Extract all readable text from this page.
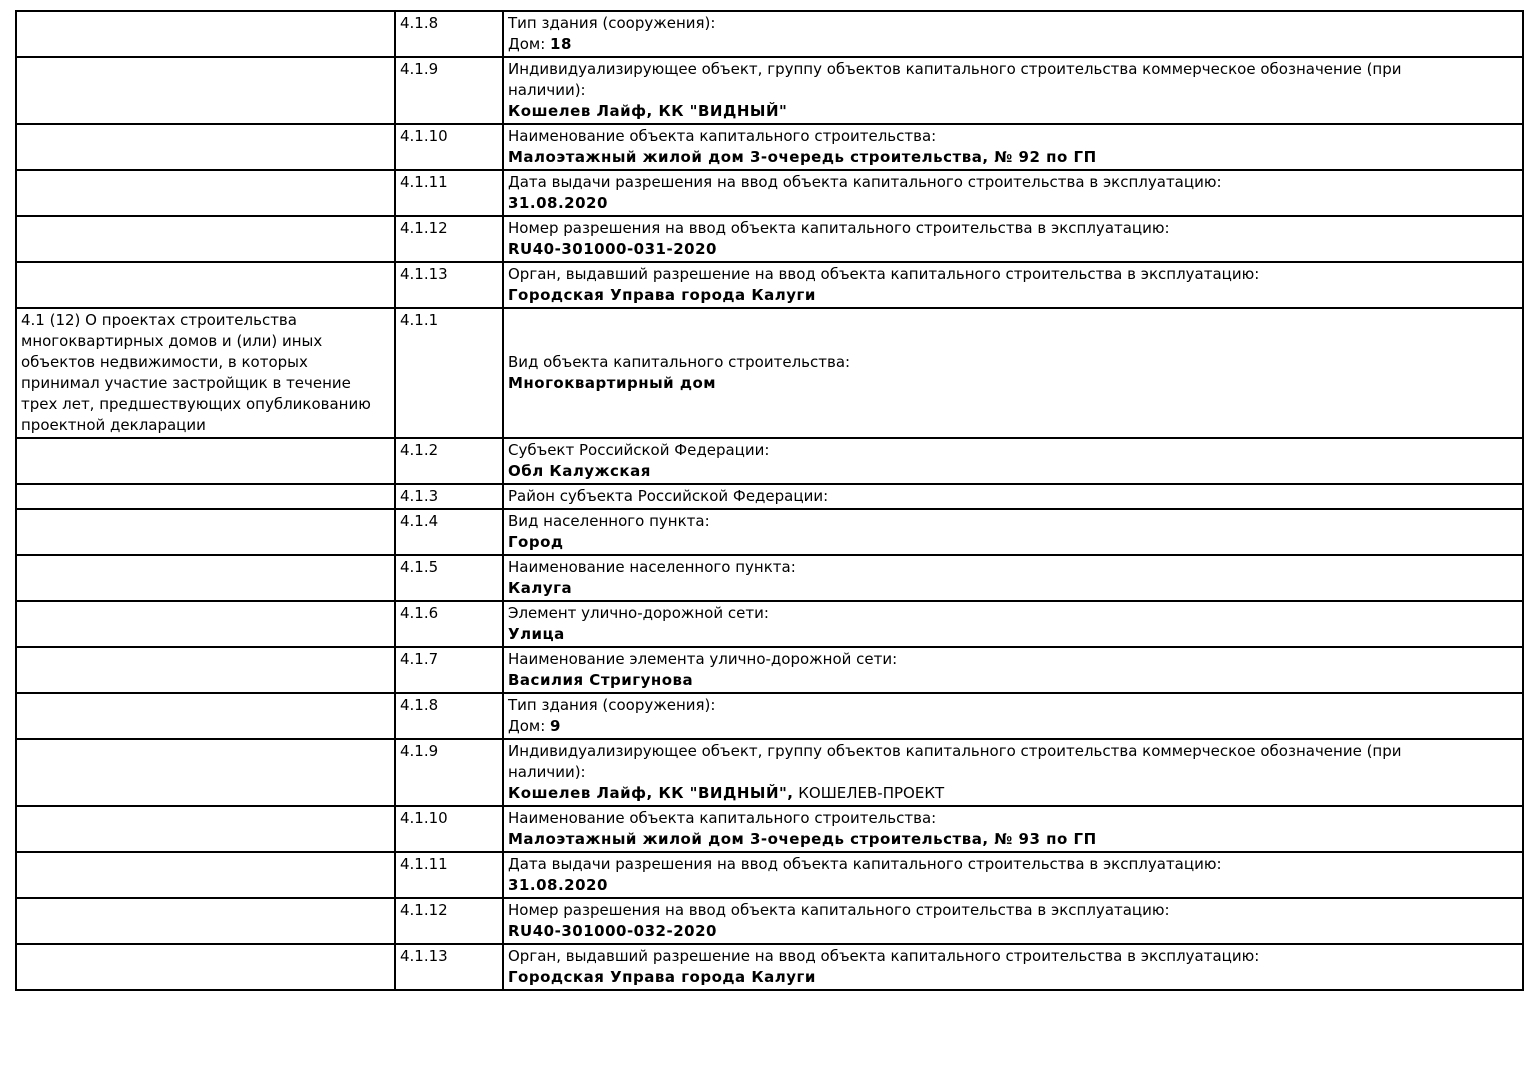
	4.1.8	Тип здания (сооружения):
Дом: 18

	4.1.9	Индивидуализирующее объект, группу объектов капитального строительства коммерческое обозначение (при
наличии):
Кошелев Лайф, КК "ВИДНЫЙ"

	4.1.10	Наименование объекта капитального строительства:
Малоэтажный жилой дом 3-очередь строительства, № 92 по ГП

	4.1.11	Дата выдачи разрешения на ввод объекта капитального строительства в эксплуатацию:
31.08.2020

	4.1.12	Номер разрешения на ввод объекта капитального строительства в эксплуатацию:
RU40-301000-031-2020

	4.1.13	Орган, выдавший разрешение на ввод объекта капитального строительства в эксплуатацию:
Городская Управа города Калуги

4.1 (12) О проектах строительства
многоквартирных домов и (или) иных
объектов недвижимости, в которых
принимал участие застройщик в течение
трех лет, предшествующих опубликованию
проектной декларации
	4.1.1	
Вид объекта капитального строительства:
Многоквартирный дом

	4.1.2	Субъект Российской Федерации:
Обл Калужская

	4.1.3	Район субъекта Российской Федерации:

	4.1.4	Вид населенного пункта:
Город

	4.1.5	Наименование населенного пункта:
Калуга

	4.1.6	Элемент улично-дорожной сети:
Улица

	4.1.7	Наименование элемента улично-дорожной сети:
Василия Стригунова

	4.1.8	Тип здания (сооружения):
Дом: 9

	4.1.9	Индивидуализирующее объект, группу объектов капитального строительства коммерческое обозначение (при
наличии):
Кошелев Лайф, КК "ВИДНЫЙ", КОШЕЛЕВ-ПРОЕКТ

	4.1.10	Наименование объекта капитального строительства:
Малоэтажный жилой дом 3-очередь строительства, № 93 по ГП

	4.1.11	Дата выдачи разрешения на ввод объекта капитального строительства в эксплуатацию:
31.08.2020

	4.1.12	Номер разрешения на ввод объекта капитального строительства в эксплуатацию:
RU40-301000-032-2020

	4.1.13	Орган, выдавший разрешение на ввод объекта капитального строительства в эксплуатацию:
Городская Управа города Калуги
